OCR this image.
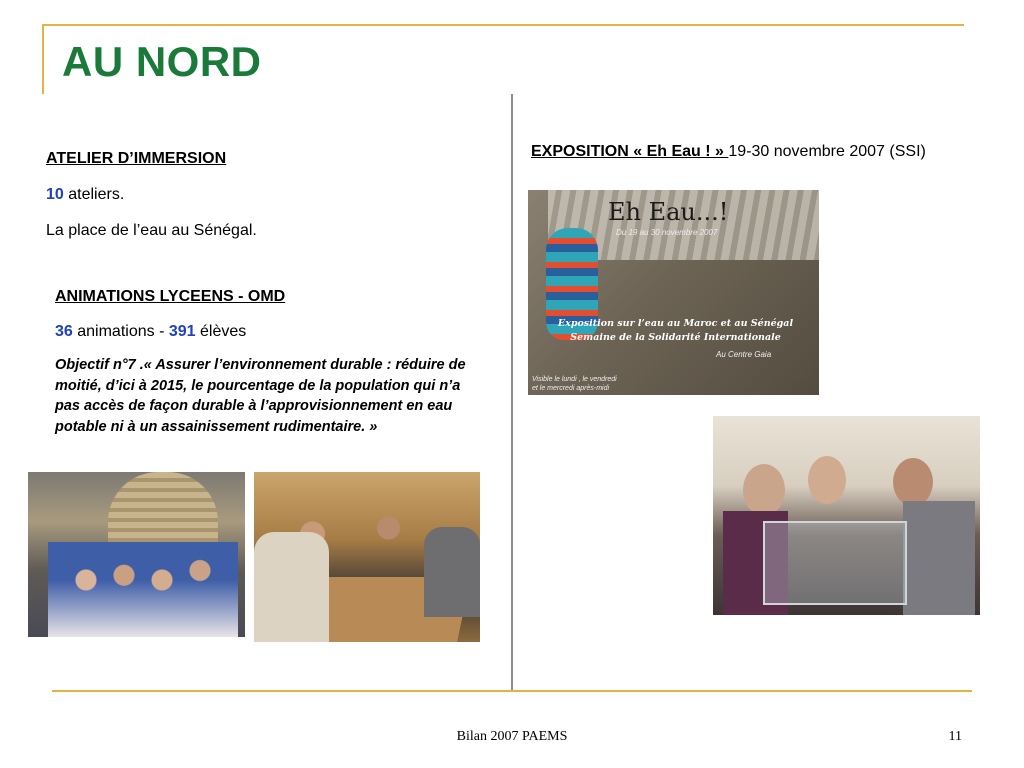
AU NORD
ATELIER D’IMMERSION
10 ateliers.
La place de l’eau au Sénégal.
ANIMATIONS LYCEENS - OMD
36 animations - 391 élèves
Objectif n°7 .« Assurer l’environnement durable : réduire de moitié, d’ici à 2015, le pourcentage de la population qui n’a pas accès de façon durable à l’approvisionnement en eau potable ni à un assainissement rudimentaire. »
EXPOSITION « Eh Eau ! » 19-30 novembre 2007 (SSI)
Eh Eau...!
Du 19 au 30 novembre 2007
Exposition sur l’eau au Maroc et au Sénégal
Semaine de la Solidarité Internationale
Au Centre Gaia
Visible le lundi , le vendredi
et le mercredi après-midi
Bilan 2007 PAEMS	11
